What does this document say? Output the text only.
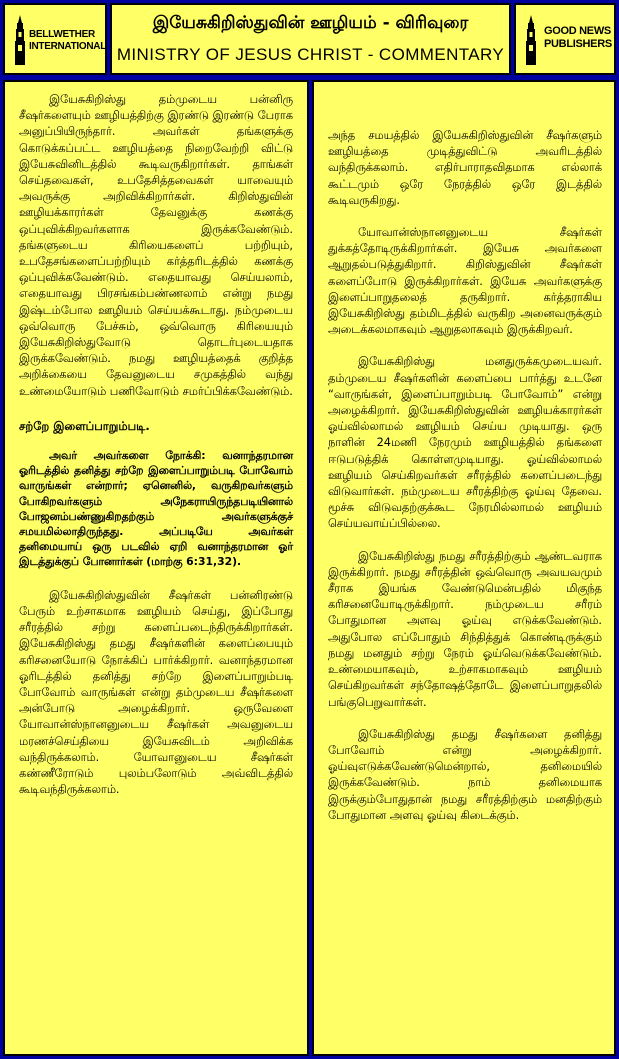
BELLWETHER
INTERNATIONAL
இயேசுகிறிஸ்துவின் ஊழியம் - விரிவுரை
MINISTRY OF JESUS CHRIST - COMMENTARY
GOOD NEWS
PUBLISHERS

இயேசுகிறிஸ்து தம்முடைய பன்னிரு சீஷர்களையும் ஊழியத்திற்கு இரண்டு இரண்டு பேராக அனுப்பியிருந்தார். அவர்கள் தங்களுக்கு கொடுக்கப்பட்ட ஊழியத்தை நிறைவேற்றி விட்டு இயேசுவினிடத்தில் கூடிவருகிறார்கள். தாங்கள் செய்தவைகள், உபதேசித்தவைகள் யாவையும் அவருக்கு அறிவிக்கிறார்கள். கிறிஸ்துவின் ஊழியக்காரர்கள் தேவனுக்கு கணக்கு ஒப்புவிக்கிறவர்களாக இருக்கவேண்டும். தங்களுடைய கிரியைகளைப் பற்றியும், உபதேசங்களைப்பற்றியும் கர்த்தரிடத்தில் கணக்கு ஒப்புவிக்கவேண்டும். எதையாவது செய்யலாம், எதையாவது பிரசங்கம்பண்ணலாம் என்று நமது இஷ்டம்போல ஊழியம் செய்யக்கூடாது. நம்முடைய ஒவ்வொரு பேச்சும், ஒவ்வொரு கிரியையும் இயேசுகிறிஸ்துவோடு தொடர்புடையதாக இருக்கவேண்டும். நமது ஊழியத்தைக் குறித்த அறிக்கையை தேவனுடைய சமுகத்தில் வந்து உண்மையோடும் பணிவோடும் சமர்ப்பிக்கவேண்டும்.

சற்றே இளைப்பாறும்படி.

அவர் அவர்களை நோக்கி: வனாந்தரமான ஓரிடத்தில் தனித்து சற்றே இளைப்பாறும்படி போவோம் வாருங்கள் என்றார்; ஏனெனில், வருகிறவர்களும் போகிறவர்களும் அநேகராயிருந்தபடியினால் போஜனம்பண்ணுகிறதற்கும் அவர்களுக்குச் சமயமில்லாதிருந்தது. அப்படியே அவர்கள் தனிமையாய் ஒரு படவில் ஏறி வனாந்தரமான ஓர் இடத்துக்குப் போனார்கள் (மாற்கு 6:31,32).

இயேசுகிறிஸ்துவின் சீஷர்கள் பன்னிரண்டு பேரும் உற்சாகமாக ஊழியம் செய்து, இப்போது சரீரத்தில் சற்று களைப்படைந்திருக்கிறார்கள். இயேசுகிறிஸ்து தமது சீஷர்களின் களைப்பையும் கரிசனையோடு நோக்கிப் பார்க்கிறார். வனாந்தரமான ஓரிடத்தில் தனித்து சற்றே இளைப்பாறும்படி போவோம் வாருங்கள் என்று தம்முடைய சீஷர்களை அன்போடு அழைக்கிறார். ஒருவேளை யோவான்ஸ்நானனுடைய சீஷர்கள் அவனுடைய மரணச்செய்தியை இயேசுவிடம் அறிவிக்க வந்திருக்கலாம். யோவானுடைய சீஷர்கள் கண்ணீரோடும் புலம்பலோடும் அவ்விடத்தில் கூடிவந்திருக்கலாம்.

அந்த சமயத்தில் இயேசுகிறிஸ்துவின் சீஷர்களும் ஊழியத்தை முடித்துவிட்டு அவரிடத்தில் வந்திருக்கலாம். எதிர்பாராதவிதமாக எல்லாக் கூட்டமும் ஒரே நேரத்தில் ஒரே இடத்தில் கூடிவருகிறது.

யோவான்ஸ்நானனுடைய சீஷர்கள் துக்கத்தோடிருக்கிறார்கள். இயேசு அவர்களை ஆறுதல்படுத்துகிறார். கிறிஸ்துவின் சீஷர்கள் களைப்போடு இருக்கிறார்கள். இயேசு அவர்களுக்கு இளைப்பாறுதலைத் தருகிறார். கர்த்தராகிய இயேசுகிறிஸ்து தம்மிடத்தில் வருகிற அனைவருக்கும் அடைக்கலமாகவும் ஆறுதலாகவும் இருக்கிறவர்.

இயேசுகிறிஸ்து மனதுருக்கமுடையவர். தம்முடைய சீஷர்களின் களைப்பை பார்த்து உடனே “வாருங்கள், இளைப்பாறும்படி போவோம்” என்று அழைக்கிறார். இயேசுகிறிஸ்துவின் ஊழியக்காரர்கள் ஓய்வில்லாமல் ஊழியம் செய்ய முடியாது. ஒரு நாளின் 24மணி நேரமும் ஊழியத்தில் தங்களை ஈடுபடுத்திக் கொள்ளமுடியாது. ஓய்வில்லாமல் ஊழியம் செய்கிறவர்கள் சரீரத்தில் களைப்படைந்து விடுவார்கள். நம்முடைய சரீரத்திற்கு ஓய்வு தேவை. மூச்சு விடுவதற்குக்கூட நேரமில்லாமல் ஊழியம் செய்யவாய்ப்பில்லை.

இயேசுகிறிஸ்து நமது சரீரத்திற்கும் ஆண்டவராக இருக்கிறார். நமது சரீரத்தின் ஒவ்வொரு அவயவமும் சீராக இயங்க வேண்டுமென்பதில் மிகுந்த கரிசனையோடிருக்கிறார். நம்முடைய சரீரம் போதுமான அளவு ஓய்வு எடுக்கவேண்டும். அதுபோல எப்போதும் சிந்தித்துக் கொண்டிருக்கும் நமது மனதும் சற்று நேரம் ஓய்வெடுக்கவேண்டும். உண்மையாகவும், உற்சாகமாகவும் ஊழியம் செய்கிறவர்கள் சந்தோஷத்தோடே இளைப்பாறுதலில் பங்குபெறுவார்கள்.

இயேசுகிறிஸ்து தமது சீஷர்களை தனித்து போவோம் என்று அழைக்கிறார். ஓய்வுஎடுக்கவேண்டுமென்றால், தனிமையில் இருக்கவேண்டும். நாம் தனிமையாக இருக்கும்போதுதான் நமது சரீரத்திற்கும் மனதிற்கும் போதுமான அளவு ஓய்வு கிடைக்கும்.
